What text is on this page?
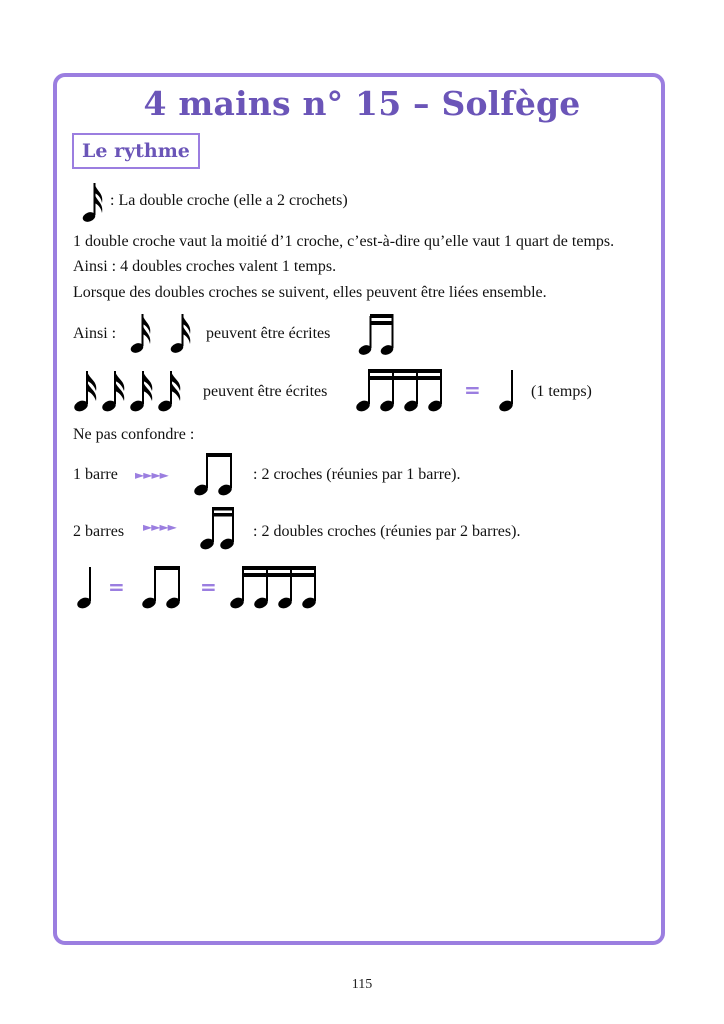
4 mains n° 15 – Solfège
Le rythme
: La double croche (elle a 2 crochets)
1 double croche vaut la moitié d’1 croche, c’est-à-dire qu’elle vaut 1 quart de temps.
Ainsi : 4 doubles croches valent 1 temps.
Lorsque des doubles croches se suivent, elles peuvent être liées ensemble.
Ainsi :	peuvent être écrites
peuvent être écrites	=	(1 temps)
Ne pas confondre :
1 barre ►►►►	: 2 croches (réunies par 1 barre).
2 barres ►►►►	: 2 doubles croches (réunies par 2 barres).
=	=
115
